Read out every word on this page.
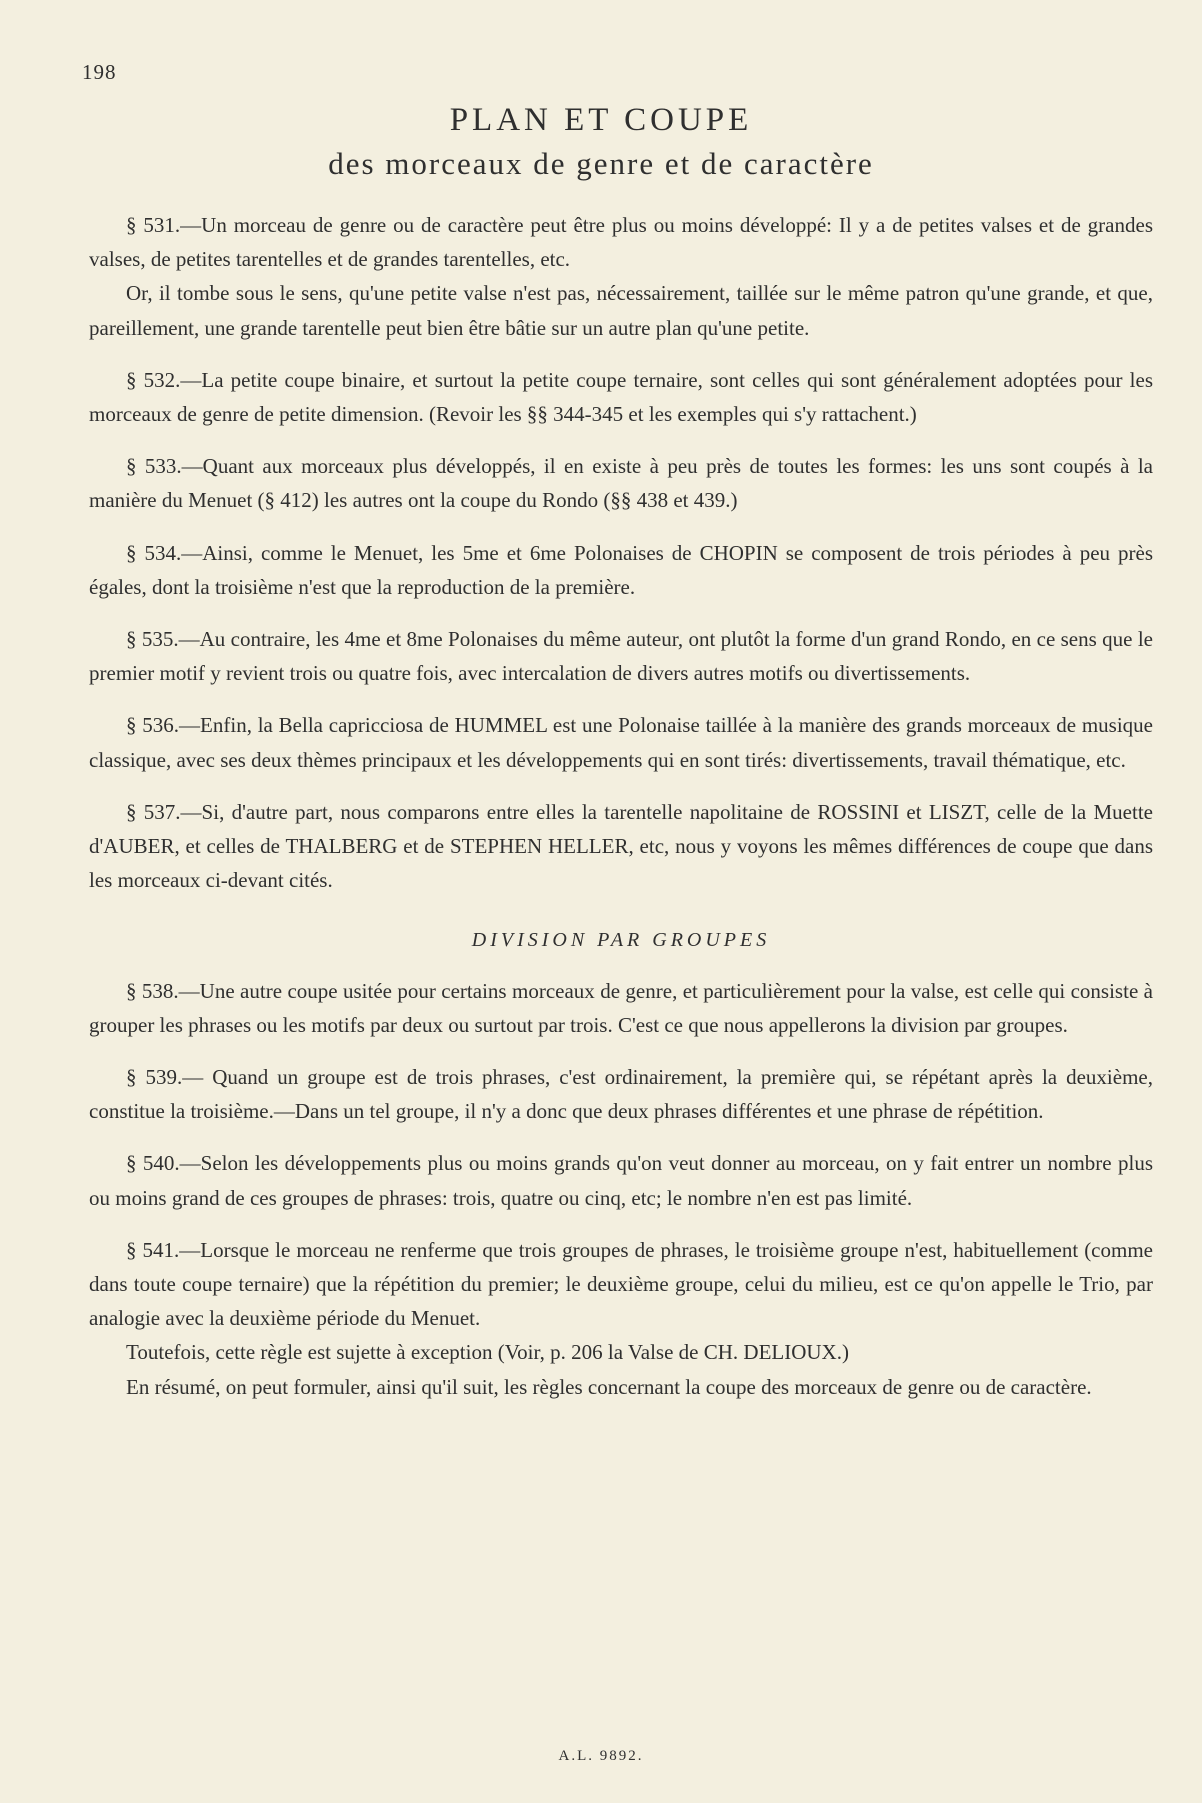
198
PLAN ET COUPE
des morceaux de genre et de caractère

§ 531.—Un morceau de genre ou de caractère peut être plus ou moins développé: Il y a de petites valses et de grandes valses, de petites tarentelles et de grandes tarentelles, etc.

Or, il tombe sous le sens, qu'une petite valse n'est pas, nécessairement, taillée sur le même patron qu'une grande, et que, pareillement, une grande tarentelle peut bien être bâtie sur un autre plan qu'une petite.

§ 532.—La petite coupe binaire, et surtout la petite coupe ternaire, sont celles qui sont généralement adoptées pour les morceaux de genre de petite dimension. (Revoir les §§ 344-345 et les exemples qui s'y rattachent.)

§ 533.—Quant aux morceaux plus développés, il en existe à peu près de toutes les formes: les uns sont coupés à la manière du Menuet (§ 412) les autres ont la coupe du Rondo (§§ 438 et 439.)

§ 534.—Ainsi, comme le Menuet, les 5me et 6me Polonaises de CHOPIN se composent de trois périodes à peu près égales, dont la troisième n'est que la reproduction de la première.

§ 535.—Au contraire, les 4me et 8me Polonaises du même auteur, ont plutôt la forme d'un grand Rondo, en ce sens que le premier motif y revient trois ou quatre fois, avec intercalation de divers autres motifs ou divertissements.

§ 536.—Enfin, la Bella capricciosa de HUMMEL est une Polonaise taillée à la manière des grands morceaux de musique classique, avec ses deux thèmes principaux et les développements qui en sont tirés: divertissements, travail thématique, etc.

§ 537.—Si, d'autre part, nous comparons entre elles la tarentelle napolitaine de ROSSINI et LISZT, celle de la Muette d'AUBER, et celles de THALBERG et de STEPHEN HELLER, etc, nous y voyons les mêmes différences de coupe que dans les morceaux ci-devant cités.

DIVISION PAR GROUPES

§ 538.—Une autre coupe usitée pour certains morceaux de genre, et particulièrement pour la valse, est celle qui consiste à grouper les phrases ou les motifs par deux ou surtout par trois. C'est ce que nous appellerons la division par groupes.

§ 539.— Quand un groupe est de trois phrases, c'est ordinairement, la première qui, se répétant après la deuxième, constitue la troisième.—Dans un tel groupe, il n'y a donc que deux phrases différentes et une phrase de répétition.

§ 540.—Selon les développements plus ou moins grands qu'on veut donner au morceau, on y fait entrer un nombre plus ou moins grand de ces groupes de phrases: trois, quatre ou cinq, etc; le nombre n'en est pas limité.

§ 541.—Lorsque le morceau ne renferme que trois groupes de phrases, le troisième groupe n'est, habituellement (comme dans toute coupe ternaire) que la répétition du premier; le deuxième groupe, celui du milieu, est ce qu'on appelle le Trio, par analogie avec la deuxième période du Menuet.

Toutefois, cette règle est sujette à exception (Voir, p. 206 la Valse de CH. DELIOUX.)

En résumé, on peut formuler, ainsi qu'il suit, les règles concernant la coupe des morceaux de genre ou de caractère.

A.L. 9892.
